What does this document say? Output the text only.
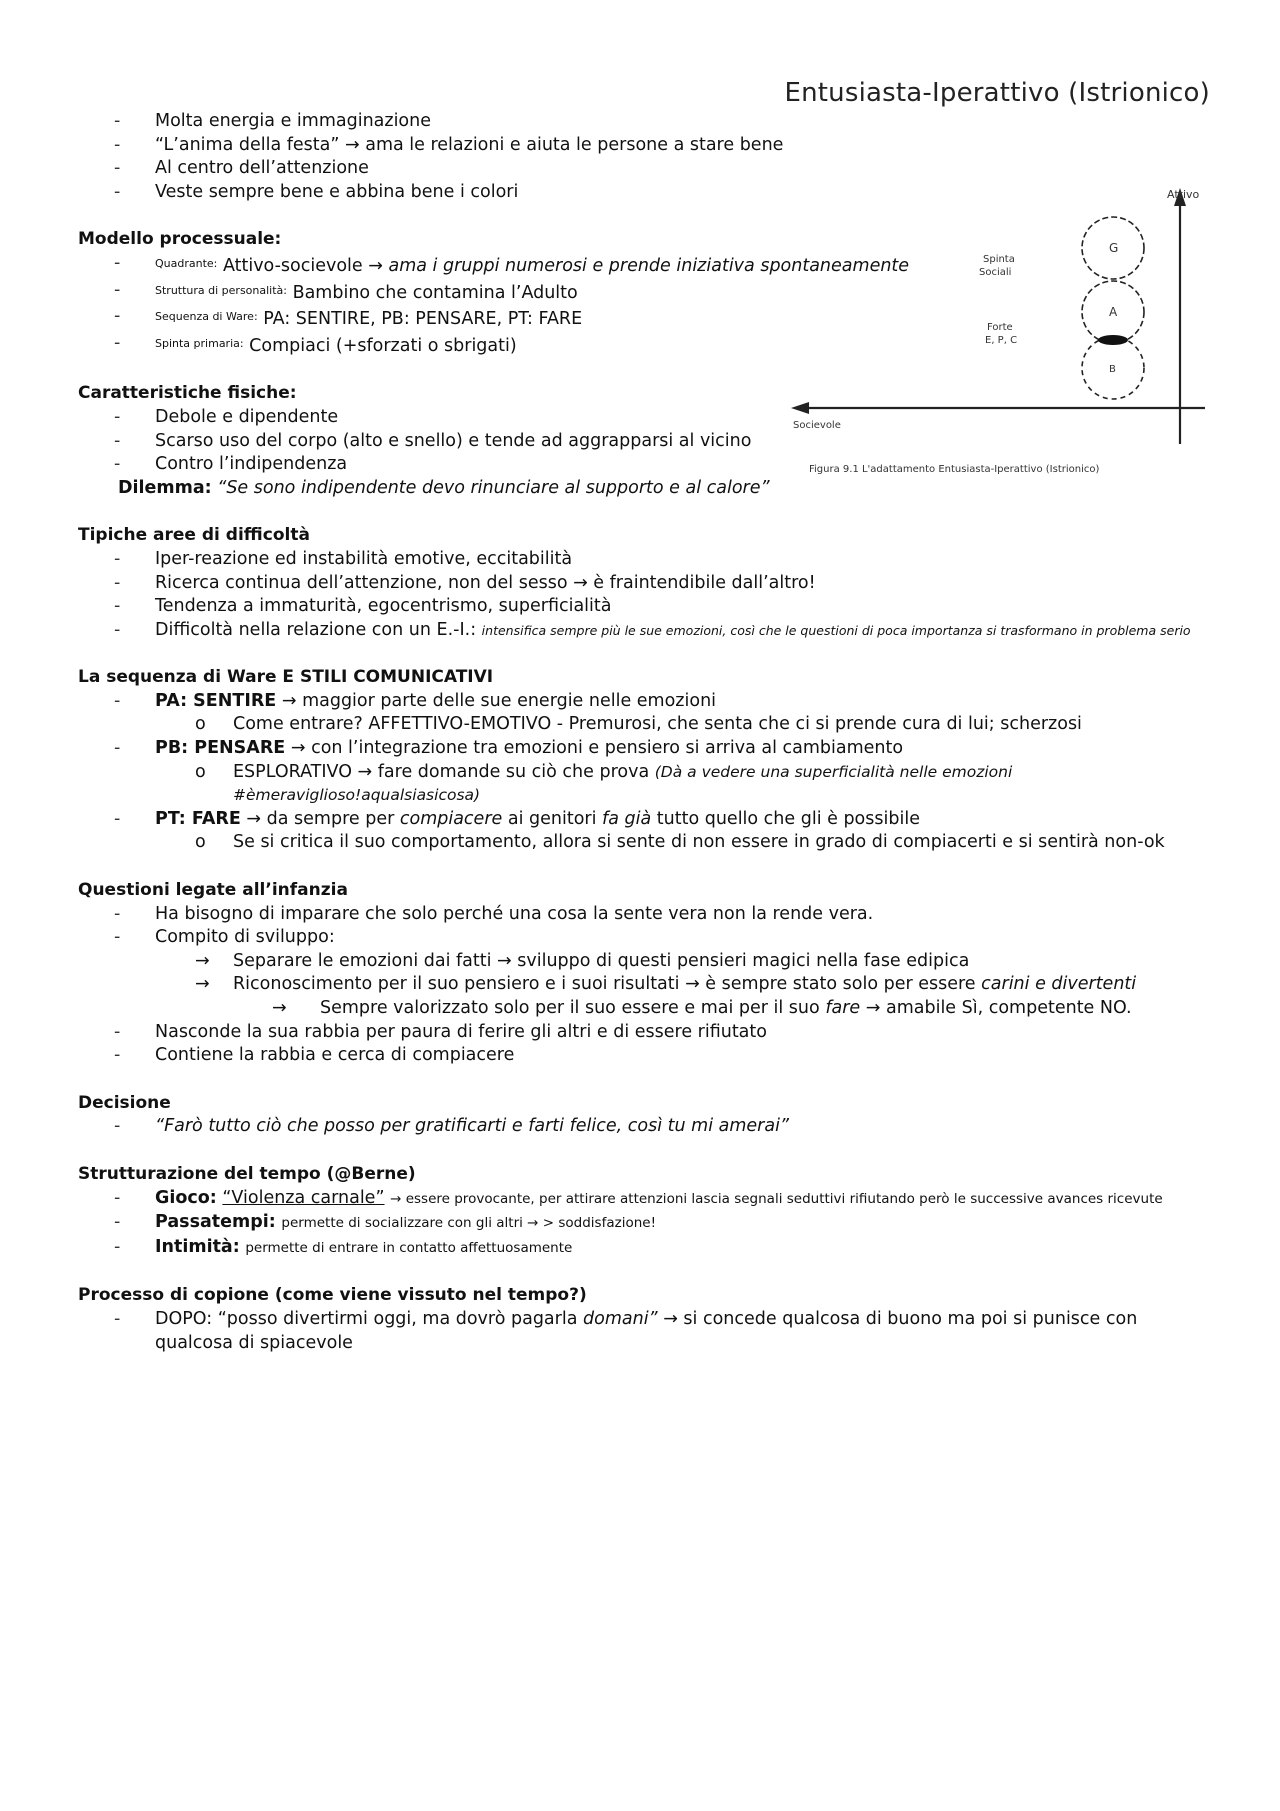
Entusiasta-Iperattivo (Istrionico)
Attivo
Socievole
G
A
B
Spinta
Sociali
Forte
E, P, C
Figura 9.1 L'adattamento Entusiasta-Iperattivo (Istrionico)
-	Molta energia e immaginazione
-	“L’anima della festa” → ama le relazioni e aiuta le persone a stare bene
-	Al centro dell’attenzione
-	Veste sempre bene e abbina bene i colori
Modello processuale:
-	$^{Quadrante:}$ Attivo-socievole → ama i gruppi numerosi e prende iniziativa spontaneamente
-	$^{Struttura di personalità:}$ Bambino che contamina l’Adulto
-	$^{Sequenza di Ware:}$ PA: SENTIRE, PB: PENSARE, PT: FARE
-	$^{Spinta primaria:}$ Compiaci (+sforzati o sbrigati)
Caratteristiche fisiche:
-	Debole e dipendente
-	Scarso uso del corpo (alto e snello) e tende ad aggrapparsi al vicino
-	Contro l’indipendenza
Dilemma: “Se sono indipendente devo rinunciare al supporto e al calore”
Tipiche aree di difficoltà
-	Iper-reazione ed instabilità emotive, eccitabilità
-	Ricerca continua dell’attenzione, non del sesso → è fraintendibile dall’altro!
-	Tendenza a immaturità, egocentrismo, superficialità
-	Difficoltà nella relazione con un E.-I.: intensifica sempre più le sue emozioni, così che le questioni di poca importanza si trasformano in problema serio
La sequenza di Ware E STILI COMUNICATIVI
-	PA: SENTIRE → maggior parte delle sue energie nelle emozioni
o Come entrare? AFFETTIVO-EMOTIVO - Premurosi, che senta che ci si prende cura di lui; scherzosi
-	PB: PENSARE → con l’integrazione tra emozioni e pensiero si arriva al cambiamento
o ESPLORATIVO → fare domande su ciò che prova (Dà a vedere una superficialità nelle emozioni #èmeraviglioso!aqualsiasicosa)
-	PT: FARE → da sempre per compiacere ai genitori fa già tutto quello che gli è possibile
o Se si critica il suo comportamento, allora si sente di non essere in grado di compiacerti e si sentirà non-ok
Questioni legate all’infanzia
-	Ha bisogno di imparare che solo perché una cosa la sente vera non la rende vera.
-	Compito di sviluppo:
→ Separare le emozioni dai fatti → sviluppo di questi pensieri magici nella fase edipica
→ Riconoscimento per il suo pensiero e i suoi risultati → è sempre stato solo per essere carini e divertenti
→ Sempre valorizzato solo per il suo essere e mai per il suo fare → amabile Sì, competente NO.
-	Nasconde la sua rabbia per paura di ferire gli altri e di essere rifiutato
-	Contiene la rabbia e cerca di compiacere
Decisione
-	“Farò tutto ciò che posso per gratificarti e farti felice, così tu mi amerai”
Strutturazione del tempo (@Berne)
-	Gioco: “Violenza carnale” → essere provocante, per attirare attenzioni lascia segnali seduttivi rifiutando però le successive avances ricevute
-	Passatempi: permette di socializzare con gli altri → > soddisfazione!
-	Intimità: permette di entrare in contatto affettuosamente
Processo di copione (come viene vissuto nel tempo?)
-	DOPO: “posso divertirmi oggi, ma dovrò pagarla domani” → si concede qualcosa di buono ma poi si punisce con qualcosa di spiacevole
